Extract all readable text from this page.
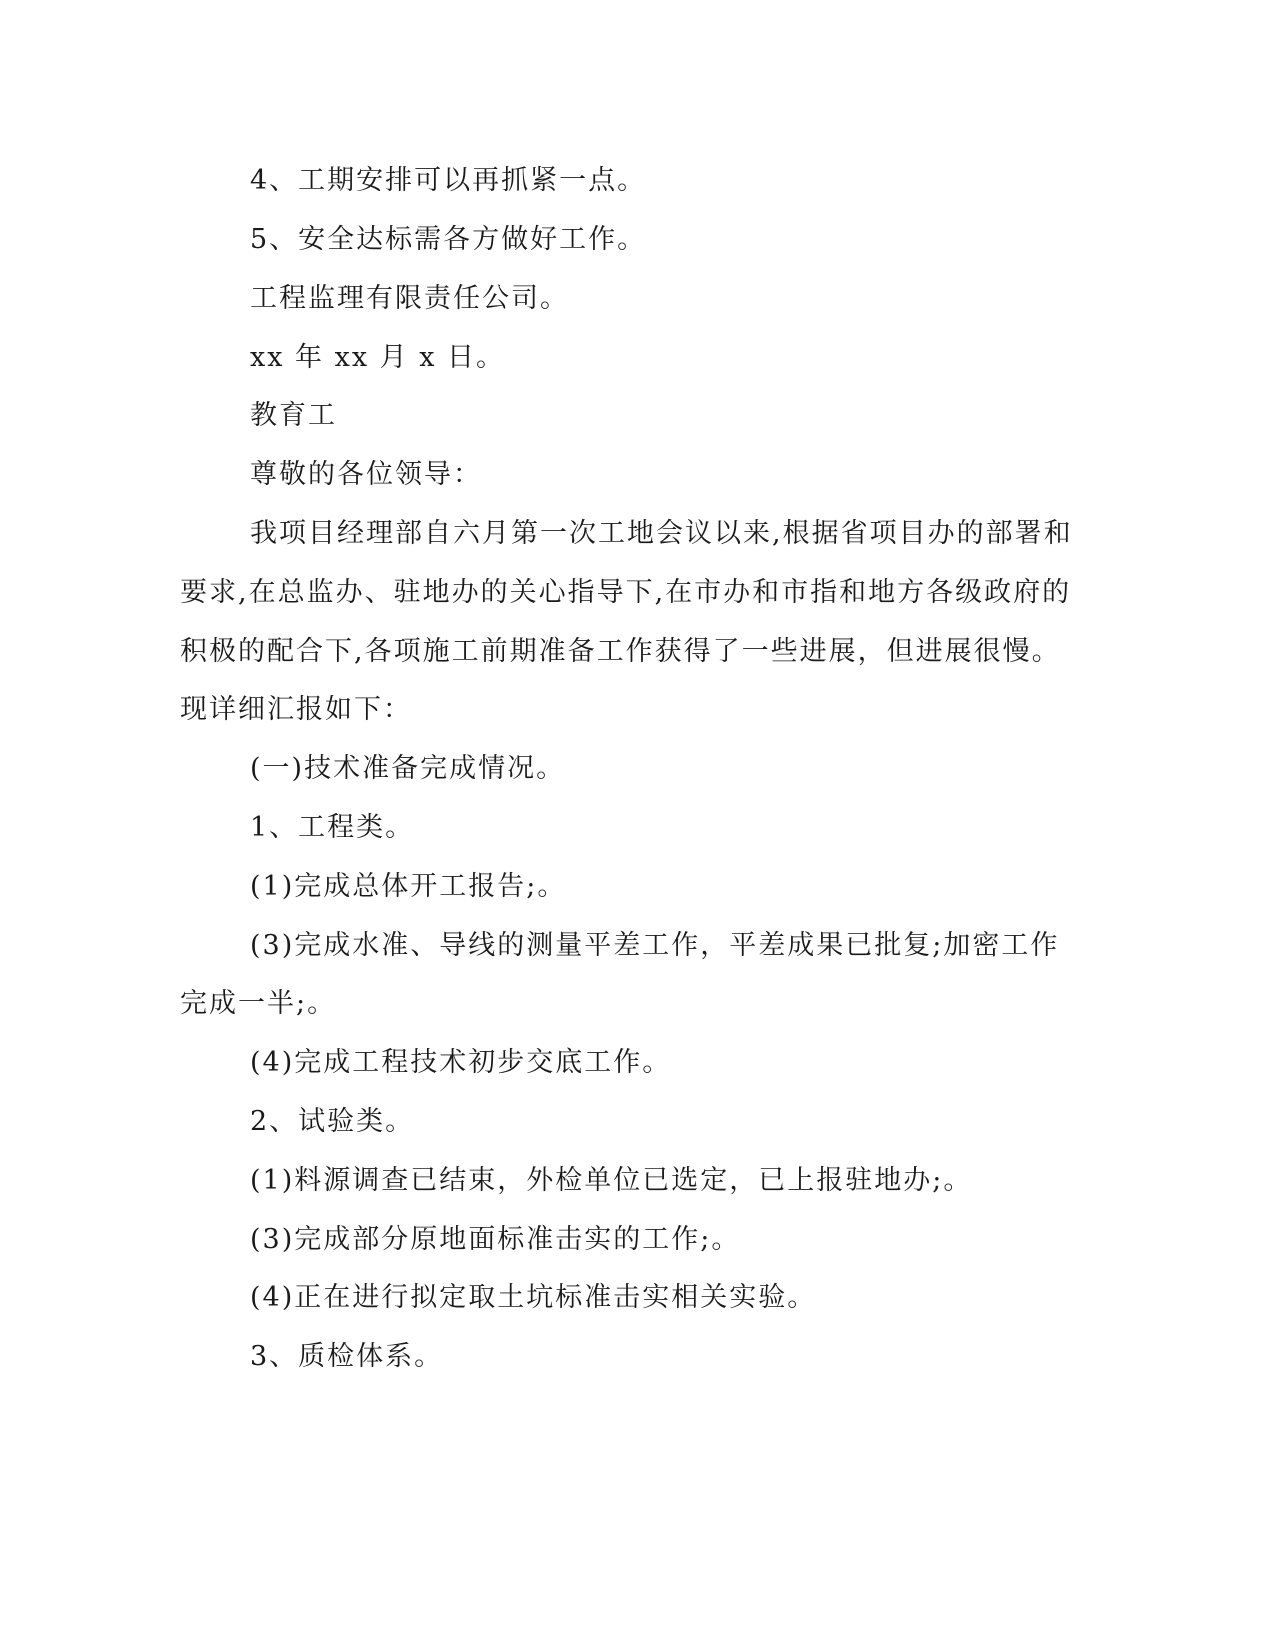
4、工期安排可以再抓紧一点。

5、安全达标需各方做好工作。

工程监理有限责任公司。

xx 年 xx 月 x 日。

教育工

尊敬的各位领导：

我项目经理部自六月第一次工地会议以来,根据省项目办的部署和

要求,在总监办、驻地办的关心指导下,在市办和市指和地方各级政府的

积极的配合下,各项施工前期准备工作获得了一些进展，但进展很慢。

现详细汇报如下：

(一)技术准备完成情况。

1、工程类。

(1)完成总体开工报告;。

(3)完成水准、导线的测量平差工作，平差成果已批复;加密工作

完成一半;。

(4)完成工程技术初步交底工作。

2、试验类。

(1)料源调查已结束，外检单位已选定，已上报驻地办;。

(3)完成部分原地面标准击实的工作;。

(4)正在进行拟定取土坑标准击实相关实验。

3、质检体系。
